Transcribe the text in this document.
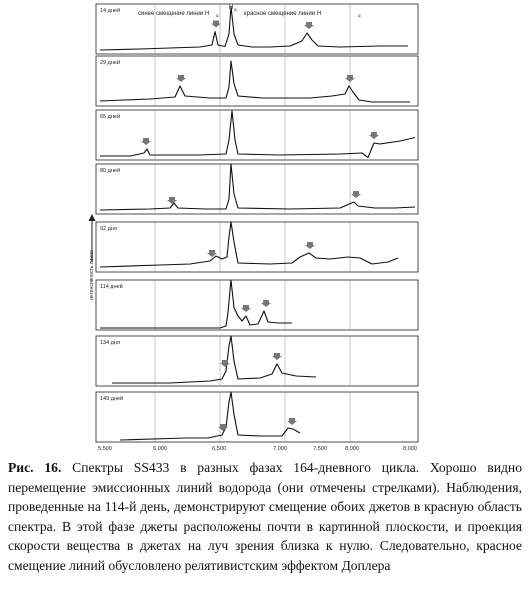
14 дней
29 дней
65 дней
80 дней
92 дня
114 дней
134 дня
149 дней
синее смещение линии H α
H α
красное смещение линии H	α
интенсивность линии
5,500	6,000	6,500	7,000	7,500	8,000	8,000

Рис. 16. Спектры SS433 в разных фазах 164-дневного цикла. Хорошо видно перемещение эмиссионных линий водорода (они отмечены стрелками). Наблюдения, проведенные на 114-й день, демонстрируют смещение обоих джетов в красную область спектра. В этой фазе джеты расположены почти в картинной плоскости, и проекция скорости вещества в джетах на луч зрения близка к нулю. Следовательно, красное смещение линий обусловлено релятивистским эффектом Доплера
